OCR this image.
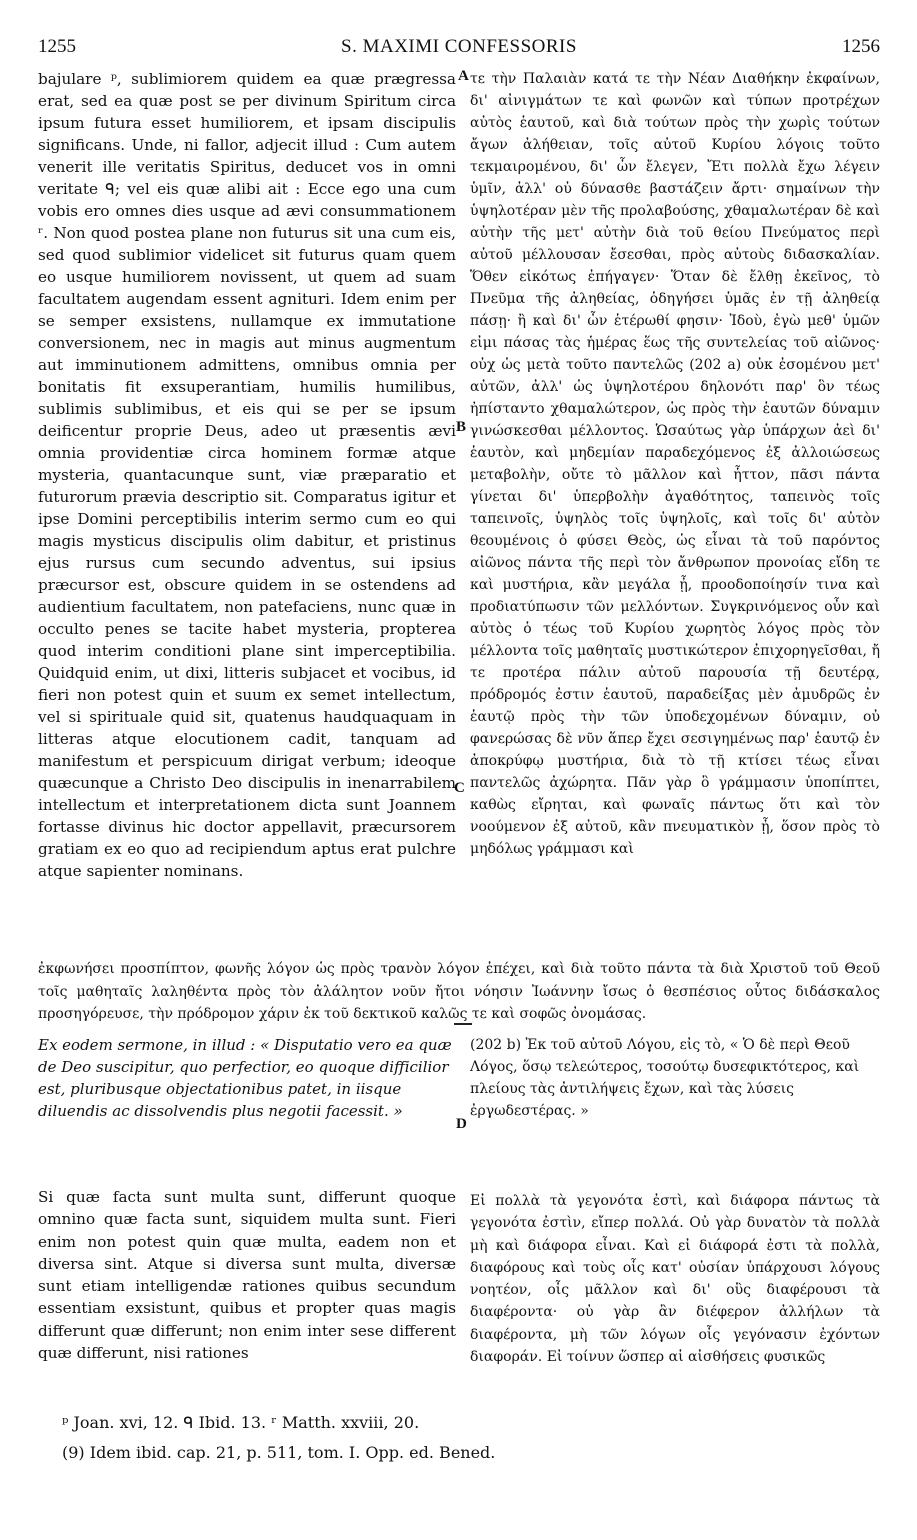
1255	S. MAXIMI CONFESSORIS	1256

bajulare ᵖ, sublimiorem quidem ea quæ prægressa erat, sed ea quæ post se per divinum Spiritum circa ipsum futura esset humiliorem, et ipsam discipulis significans. Unde, ni fallor, adjecit illud : Cum autem venerit ille veritatis Spiritus, deducet vos in omni veritate ᑫ; vel eis quæ alibi ait : Ecce ego una cum vobis ero omnes dies usque ad ævi consummationem ʳ. Non quod postea plane non futurus sit una cum eis, sed quod sublimior videlicet sit futurus quam quem eo usque humiliorem novissent, ut quem ad suam facultatem augendam essent agnituri. Idem enim per se semper exsistens, nullamque ex immutatione conversionem, nec in magis aut minus augmentum aut imminutionem admittens, omnibus omnia per bonitatis fit exsuperantiam, humilis humilibus, sublimis sublimibus, et eis qui se per se ipsum deificentur proprie Deus, adeo ut præsentis ævi omnia providentiæ circa hominem formæ atque mysteria, quantacunque sunt, viæ præparatio et futurorum prævia descriptio sit. Comparatus igitur et ipse Domini perceptibilis interim sermo cum eo qui magis mysticus discipulis olim dabitur, et pristinus ejus rursus cum secundo adventus, sui ipsius præcursor est, obscure quidem in se ostendens ad audientium facultatem, non patefaciens, nunc quæ in occulto penes se tacite habet mysteria, propterea quod interim conditioni plane sint imperceptibilia. Quidquid enim, ut dixi, litteris subjacet et vocibus, id fieri non potest quin et suum ex semet intellectum, vel si spirituale quid sit, quatenus haudquaquam in litteras atque elocutionem cadit, tanquam ad manifestum et perspicuum dirigat verbum; ideoque quæcunque a Christo Deo discipulis in inenarrabilem intellectum et interpretationem dicta sunt Joannem fortasse divinus hic doctor appellavit, præcursorem gratiam ex eo quo ad recipiendum aptus erat pulchre atque sapienter nominans.

A
B
C
D

τε τὴν Παλαιὰν κατά τε τὴν Νέαν Διαθήκην ἐκφαίνων, δι' αἰνιγμάτων τε καὶ φωνῶν καὶ τύπων προτρέχων αὐτὸς ἑαυτοῦ, καὶ διὰ τούτων πρὸς τὴν χωρὶς τούτων ἄγων ἀλήθειαν, τοῖς αὐτοῦ Κυρίου λόγοις τοῦτο τεκμαιρομένου, δι' ὧν ἔλεγεν, Ἔτι πολλὰ ἔχω λέγειν ὑμῖν, ἀλλ' οὐ δύνασθε βαστάζειν ἄρτι· σημαίνων τὴν ὑψηλοτέραν μὲν τῆς προλαβούσης, χθαμαλωτέραν δὲ καὶ αὐτὴν τῆς μετ' αὐτὴν διὰ τοῦ θείου Πνεύματος περὶ αὐτοῦ μέλλουσαν ἔσεσθαι, πρὸς αὐτοὺς διδασκαλίαν. Ὅθεν εἰκότως ἐπήγαγεν· Ὅταν δὲ ἔλθῃ ἐκεῖνος, τὸ Πνεῦμα τῆς ἀληθείας, ὁδηγήσει ὑμᾶς ἐν τῇ ἀληθείᾳ πάσῃ· ἢ καὶ δι' ὧν ἑτέρωθί φησιν· Ἰδοὺ, ἐγὼ μεθ' ὑμῶν εἰμι πάσας τὰς ἡμέρας ἕως τῆς συντελείας τοῦ αἰῶνος· οὐχ ὡς μετὰ τοῦτο παντελῶς (202 a) οὐκ ἐσομένου μετ' αὐτῶν, ἀλλ' ὡς ὑψηλοτέρου δηλονότι παρ' ὃν τέως ἠπίσταντο χθαμαλώτερον, ὡς πρὸς τὴν ἑαυτῶν δύναμιν γινώσκεσθαι μέλλοντος. Ὡσαύτως γὰρ ὑπάρχων ἀεὶ δι' ἑαυτὸν, καὶ μηδεμίαν παραδεχόμενος ἐξ ἀλλοιώσεως μεταβολὴν, οὔτε τὸ μᾶλλον καὶ ἧττον, πᾶσι πάντα γίνεται δι' ὑπερβολὴν ἀγαθότητος, ταπεινὸς τοῖς ταπεινοῖς, ὑψηλὸς τοῖς ὑψηλοῖς, καὶ τοῖς δι' αὐτὸν θεουμένοις ὁ φύσει Θεὸς, ὡς εἶναι τὰ τοῦ παρόντος αἰῶνος πάντα τῆς περὶ τὸν ἄνθρωπον προνοίας εἴδη τε καὶ μυστήρια, κἂν μεγάλα ᾖ, προοδοποίησίν τινα καὶ προδιατύπωσιν τῶν μελλόντων. Συγκρινόμενος οὖν καὶ αὐτὸς ὁ τέως τοῦ Κυρίου χωρητὸς λόγος πρὸς τὸν μέλλοντα τοῖς μαθηταῖς μυστικώτερον ἐπιχορηγεῖσθαι, ἤ τε προτέρα πάλιν αὐτοῦ παρουσία τῇ δευτέρᾳ, πρόδρομός ἐστιν ἑαυτοῦ, παραδείξας μὲν ἀμυδρῶς ἐν ἑαυτῷ πρὸς τὴν τῶν ὑποδεχομένων δύναμιν, οὐ φανερώσας δὲ νῦν ἅπερ ἔχει σεσιγημένως παρ' ἑαυτῷ ἐν ἀποκρύφῳ μυστήρια, διὰ τὸ τῇ κτίσει τέως εἶναι παντελῶς ἀχώρητα. Πᾶν γὰρ ὃ γράμμασιν ὑποπίπτει, καθὼς εἴρηται, καὶ φωναῖς πάντως ὅτι καὶ τὸν νοούμενον ἐξ αὐτοῦ, κἂν πνευματικὸν ᾖ, ὅσον πρὸς τὸ μηδόλως γράμμασι καὶ

ἐκφωνήσει προσπίπτον, φωνῆς λόγον ὡς πρὸς τρανὸν λόγον ἐπέχει, καὶ διὰ τοῦτο πάντα τὰ διὰ Χριστοῦ τοῦ Θεοῦ τοῖς μαθηταῖς λαληθέντα πρὸς τὸν ἀλάλητον νοῦν ἤτοι νόησιν Ἰωάννην ἴσως ὁ θεσπέσιος οὗτος διδάσκαλος προσηγόρευσε, τὴν πρόδρομον χάριν ἐκ τοῦ δεκτικοῦ καλῶς τε καὶ σοφῶς ὀνομάσας.

Ex eodem sermone, in illud : « Disputatio vero ea quæ de Deo suscipitur, quo perfectior, eo quoque difficilior est, pluribusque objectationibus patet, in iisque diluendis ac dissolvendis plus negotii facessit. »

(202 b) Ἐκ τοῦ αὐτοῦ Λόγου, εἰς τὸ, « Ὁ δὲ περὶ Θεοῦ Λόγος, ὅσῳ τελεώτερος, τοσούτῳ δυσεφικτότερος, καὶ πλείους τὰς ἀντιλήψεις ἔχων, καὶ τὰς λύσεις ἐργωδεστέρας. »

Si quæ facta sunt multa sunt, differunt quoque omnino quæ facta sunt, siquidem multa sunt. Fieri enim non potest quin quæ multa, eadem non et diversa sint. Atque si diversa sunt multa, diversæ sunt etiam intelligendæ rationes quibus secundum essentiam exsistunt, quibus et propter quas magis differunt quæ differunt; non enim inter sese different quæ differunt, nisi rationes

Εἰ πολλὰ τὰ γεγονότα ἐστὶ, καὶ διάφορα πάντως τὰ γεγονότα ἐστὶν, εἴπερ πολλά. Οὐ γὰρ δυνατὸν τὰ πολλὰ μὴ καὶ διάφορα εἶναι. Καὶ εἰ διάφορά ἐστι τὰ πολλὰ, διαφόρους καὶ τοὺς οἷς κατ' οὐσίαν ὑπάρχουσι λόγους νοητέον, οἷς μᾶλλον καὶ δι' οὓς διαφέρουσι τὰ διαφέροντα· οὐ γὰρ ἂν διέφερον ἀλλήλων τὰ διαφέροντα, μὴ τῶν λόγων οἷς γεγόνασιν ἐχόντων διαφοράν. Εἰ τοίνυν ὥσπερ αἱ αἰσθήσεις φυσικῶς

ᵖ Joan. xvi, 12. ᑫ Ibid. 13. ʳ Matth. xxviii, 20.
(9) Idem ibid. cap. 21, p. 511, tom. I. Opp. ed. Bened.
